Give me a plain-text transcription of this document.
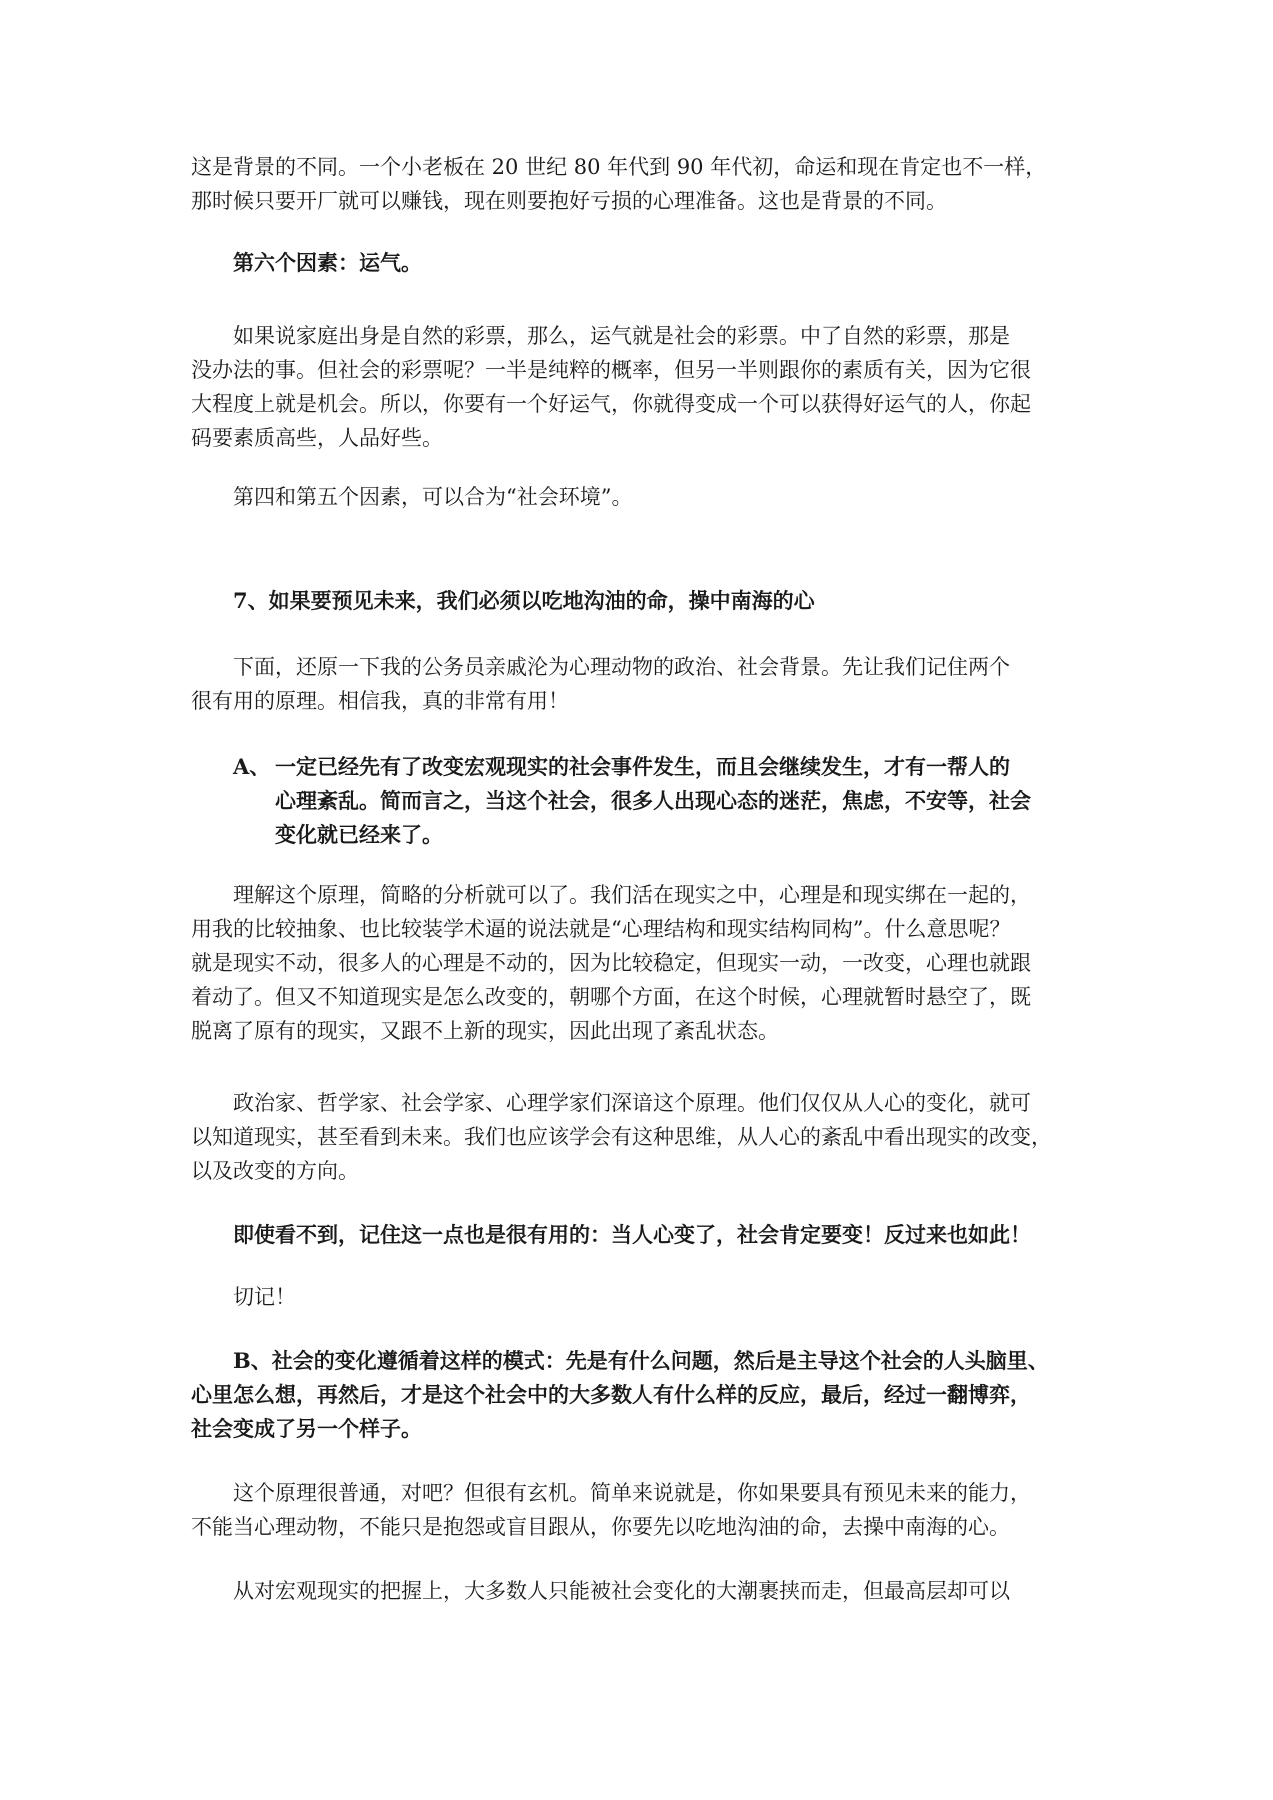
这是背景的不同。一个小老板在 20 世纪 80 年代到 90 年代初，命运和现在肯定也不一样，
那时候只要开厂就可以赚钱，现在则要抱好亏损的心理准备。这也是背景的不同。
第六个因素：运气。
如果说家庭出身是自然的彩票，那么，运气就是社会的彩票。中了自然的彩票，那是
没办法的事。但社会的彩票呢？一半是纯粹的概率，但另一半则跟你的素质有关，因为它很
大程度上就是机会。所以，你要有一个好运气，你就得变成一个可以获得好运气的人，你起
码要素质高些，人品好些。
第四和第五个因素，可以合为“社会环境”。
7、如果要预见未来，我们必须以吃地沟油的命，操中南海的心
下面，还原一下我的公务员亲戚沦为心理动物的政治、社会背景。先让我们记住两个
很有用的原理。相信我，真的非常有用！
A、 一定已经先有了改变宏观现实的社会事件发生，而且会继续发生，才有一帮人的
心理紊乱。简而言之，当这个社会，很多人出现心态的迷茫，焦虑，不安等，社会
变化就已经来了。
理解这个原理，简略的分析就可以了。我们活在现实之中，心理是和现实绑在一起的，
用我的比较抽象、也比较装学术逼的说法就是“心理结构和现实结构同构”。什么意思呢？
就是现实不动，很多人的心理是不动的，因为比较稳定，但现实一动，一改变，心理也就跟
着动了。但又不知道现实是怎么改变的，朝哪个方面，在这个时候，心理就暂时悬空了，既
脱离了原有的现实，又跟不上新的现实，因此出现了紊乱状态。
政治家、哲学家、社会学家、心理学家们深谙这个原理。他们仅仅从人心的变化，就可
以知道现实，甚至看到未来。我们也应该学会有这种思维，从人心的紊乱中看出现实的改变，
以及改变的方向。
即使看不到，记住这一点也是很有用的：当人心变了，社会肯定要变！反过来也如此！
切记！
B、社会的变化遵循着这样的模式：先是有什么问题，然后是主导这个社会的人头脑里、
心里怎么想，再然后，才是这个社会中的大多数人有什么样的反应，最后，经过一翻博弈，
社会变成了另一个样子。
这个原理很普通，对吧？但很有玄机。简单来说就是，你如果要具有预见未来的能力，
不能当心理动物，不能只是抱怨或盲目跟从，你要先以吃地沟油的命，去操中南海的心。
从对宏观现实的把握上，大多数人只能被社会变化的大潮裹挟而走，但最高层却可以
